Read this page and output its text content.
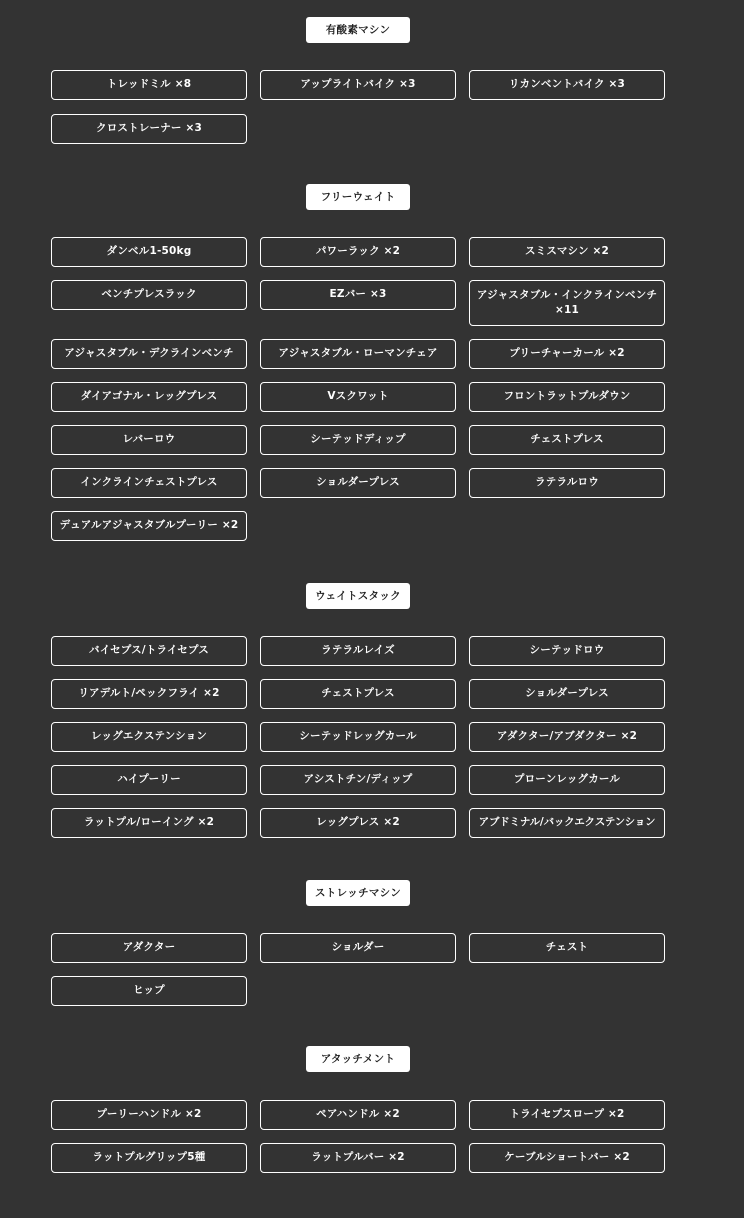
有酸素マシン
トレッドミル ×8	アップライトバイク ×3	リカンベントバイク ×3
クロストレーナー ×3
フリーウェイト
ダンベル1-50kg	パワーラック ×2	スミスマシン ×2
ベンチプレスラック	EZバー ×3	アジャスタブル・インクラインベンチ ×11
アジャスタブル・デクラインベンチ	アジャスタブル・ローマンチェア	プリーチャーカール ×2
ダイアゴナル・レッグプレス	Vスクワット	フロントラットプルダウン
レバーロウ	シーテッドディップ	チェストプレス
インクラインチェストプレス	ショルダープレス	ラテラルロウ
デュアルアジャスタブルプーリー ×2
ウェイトスタック
バイセプス/トライセプス	ラテラルレイズ	シーテッドロウ
リアデルト/ペックフライ ×2	チェストプレス	ショルダープレス
レッグエクステンション	シーテッドレッグカール	アダクター/アブダクター ×2
ハイプーリー	アシストチン/ディップ	プローンレッグカール
ラットプル/ローイング ×2	レッグプレス ×2	アブドミナル/バックエクステンション
ストレッチマシン
アダクター	ショルダー	チェスト
ヒップ
アタッチメント
プーリーハンドル ×2	ペアハンドル ×2	トライセプスロープ ×2
ラットプルグリップ5種	ラットプルバー ×2	ケーブルショートバー ×2
